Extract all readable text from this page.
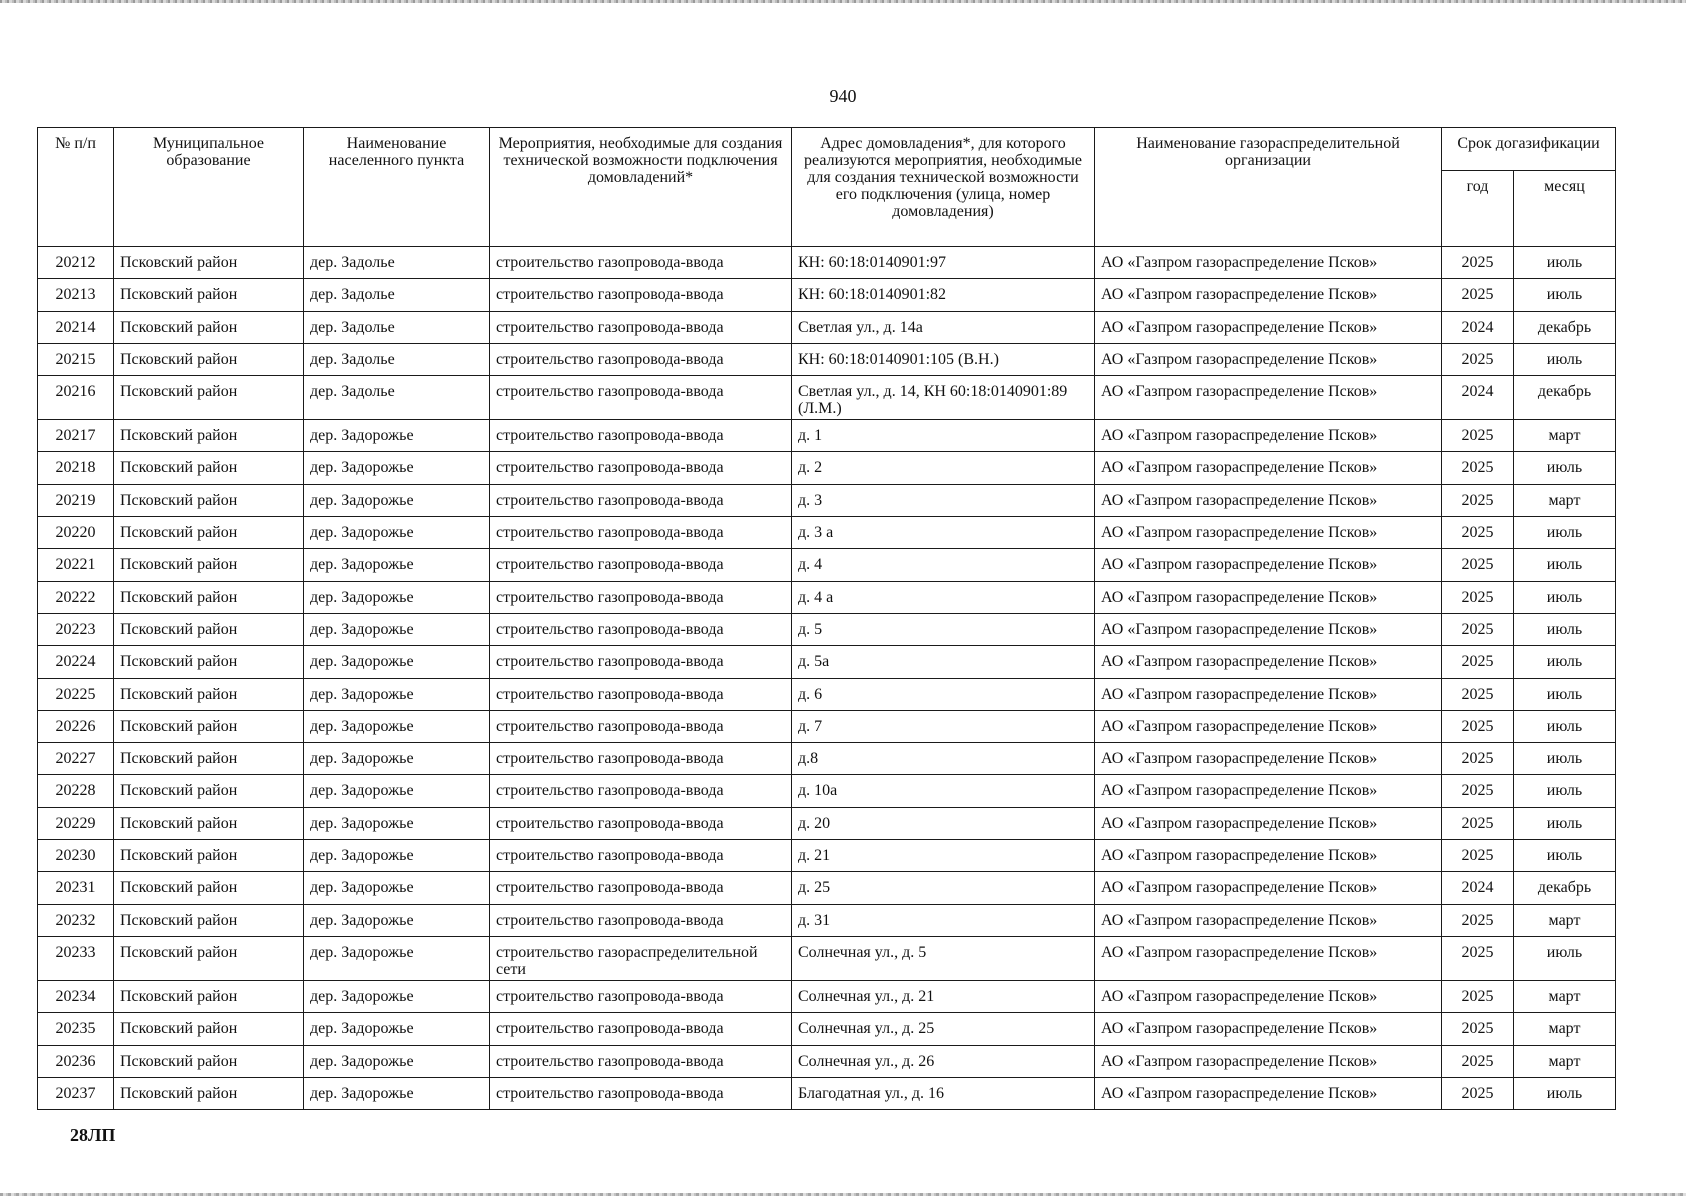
940
№ п/п	Муниципальное образование	Наименование населенного пункта	Мероприятия, необходимые для создания технической возможности подключения домовладений*	Адрес домовладения*, для которого реализуются мероприятия, необходимые для создания технической возможности его подключения (улица, номер домовладения)	Наименование газораспределительной организации	Срок догазификации	
						год	месяц
20212	Псковский район	дер. Задолье	строительство газопровода-ввода	КН: 60:18:0140901:97	АО «Газпром газораспределение Псков»	2025	июль
20213	Псковский район	дер. Задолье	строительство газопровода-ввода	КН: 60:18:0140901:82	АО «Газпром газораспределение Псков»	2025	июль
20214	Псковский район	дер. Задолье	строительство газопровода-ввода	Светлая ул., д. 14а	АО «Газпром газораспределение Псков»	2024	декабрь
20215	Псковский район	дер. Задолье	строительство газопровода-ввода	КН: 60:18:0140901:105 (В.Н.)	АО «Газпром газораспределение Псков»	2025	июль
20216	Псковский район	дер. Задолье	строительство газопровода-ввода	Светлая ул., д. 14, КН 60:18:0140901:89 (Л.М.)	АО «Газпром газораспределение Псков»	2024	декабрь
20217	Псковский район	дер. Задорожье	строительство газопровода-ввода	д. 1	АО «Газпром газораспределение Псков»	2025	март
20218	Псковский район	дер. Задорожье	строительство газопровода-ввода	д. 2	АО «Газпром газораспределение Псков»	2025	июль
20219	Псковский район	дер. Задорожье	строительство газопровода-ввода	д. 3	АО «Газпром газораспределение Псков»	2025	март
20220	Псковский район	дер. Задорожье	строительство газопровода-ввода	д. 3 а	АО «Газпром газораспределение Псков»	2025	июль
20221	Псковский район	дер. Задорожье	строительство газопровода-ввода	д. 4	АО «Газпром газораспределение Псков»	2025	июль
20222	Псковский район	дер. Задорожье	строительство газопровода-ввода	д. 4 а	АО «Газпром газораспределение Псков»	2025	июль
20223	Псковский район	дер. Задорожье	строительство газопровода-ввода	д. 5	АО «Газпром газораспределение Псков»	2025	июль
20224	Псковский район	дер. Задорожье	строительство газопровода-ввода	д. 5а	АО «Газпром газораспределение Псков»	2025	июль
20225	Псковский район	дер. Задорожье	строительство газопровода-ввода	д. 6	АО «Газпром газораспределение Псков»	2025	июль
20226	Псковский район	дер. Задорожье	строительство газопровода-ввода	д. 7	АО «Газпром газораспределение Псков»	2025	июль
20227	Псковский район	дер. Задорожье	строительство газопровода-ввода	д.8	АО «Газпром газораспределение Псков»	2025	июль
20228	Псковский район	дер. Задорожье	строительство газопровода-ввода	д. 10а	АО «Газпром газораспределение Псков»	2025	июль
20229	Псковский район	дер. Задорожье	строительство газопровода-ввода	д. 20	АО «Газпром газораспределение Псков»	2025	июль
20230	Псковский район	дер. Задорожье	строительство газопровода-ввода	д. 21	АО «Газпром газораспределение Псков»	2025	июль
20231	Псковский район	дер. Задорожье	строительство газопровода-ввода	д. 25	АО «Газпром газораспределение Псков»	2024	декабрь
20232	Псковский район	дер. Задорожье	строительство газопровода-ввода	д. 31	АО «Газпром газораспределение Псков»	2025	март
20233	Псковский район	дер. Задорожье	строительство газораспределительной сети	Солнечная ул., д. 5	АО «Газпром газораспределение Псков»	2025	июль
20234	Псковский район	дер. Задорожье	строительство газопровода-ввода	Солнечная ул., д. 21	АО «Газпром газораспределение Псков»	2025	март
20235	Псковский район	дер. Задорожье	строительство газопровода-ввода	Солнечная ул., д. 25	АО «Газпром газораспределение Псков»	2025	март
20236	Псковский район	дер. Задорожье	строительство газопровода-ввода	Солнечная ул., д. 26	АО «Газпром газораспределение Псков»	2025	март
20237	Псковский район	дер. Задорожье	строительство газопровода-ввода	Благодатная ул., д. 16	АО «Газпром газораспределение Псков»	2025	июль
28ЛП
